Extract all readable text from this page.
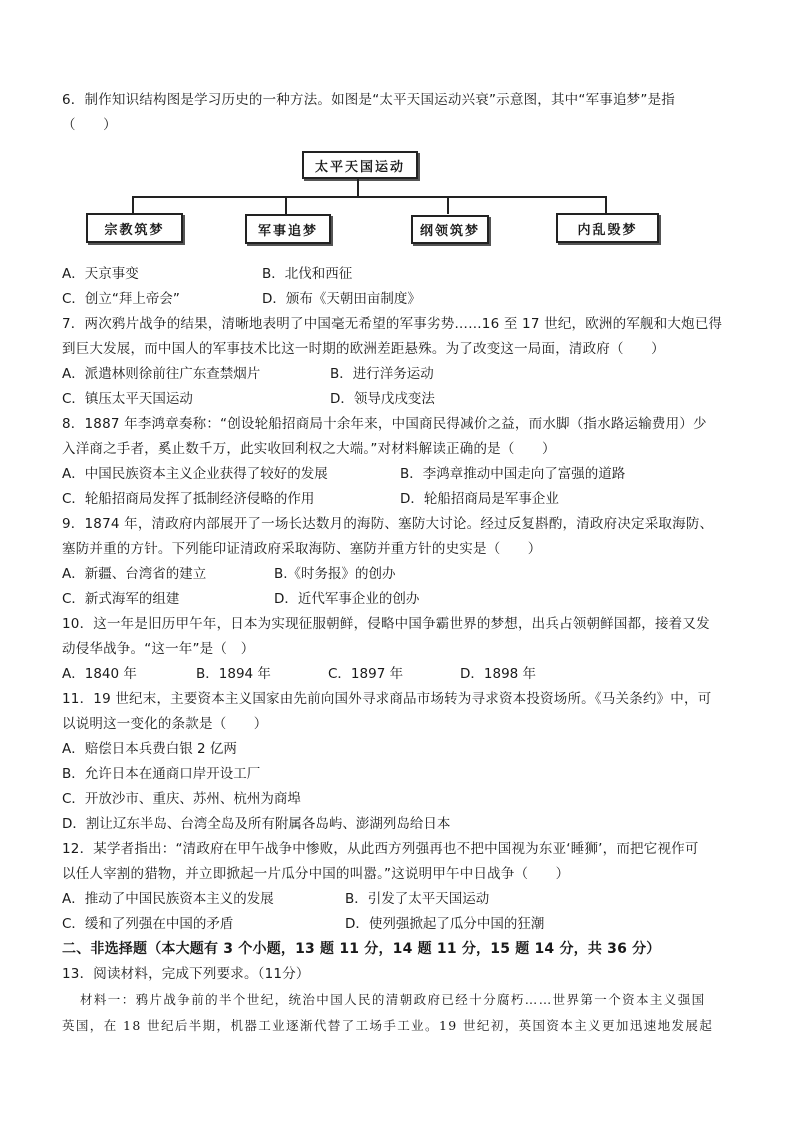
6．制作知识结构图是学习历史的一种方法。如图是“太平天国运动兴衰”示意图，其中“军事追梦”是指
（　　）
太平天国运动
宗教筑梦	军事追梦	纲领筑梦	内乱毁梦
A．天京事变	B．北伐和西征
C．创立“拜上帝会”	D．颁布《天朝田亩制度》
7．两次鸦片战争的结果，清晰地表明了中国毫无希望的军事劣势……16 至 17 世纪，欧洲的军舰和大炮已得
到巨大发展，而中国人的军事技术比这一时期的欧洲差距悬殊。为了改变这一局面，清政府（　　）
A．派遣林则徐前往广东查禁烟片	B．进行洋务运动
C．镇压太平天国运动	D．领导戊戌变法
8．1887 年李鸿章奏称：“创设轮船招商局十余年来，中国商民得减价之益，而水脚（指水路运输费用）少
入洋商之手者，奚止数千万，此实收回利权之大端。”对材料解读正确的是（　　）
A．中国民族资本主义企业获得了较好的发展	B．李鸿章推动中国走向了富强的道路
C．轮船招商局发挥了抵制经济侵略的作用	D．轮船招商局是军事企业
9．1874 年，清政府内部展开了一场长达数月的海防、塞防大讨论。经过反复斟酌，清政府决定采取海防、
塞防并重的方针。下列能印证清政府采取海防、塞防并重方针的史实是（　　）
A．新疆、台湾省的建立	B.《时务报》的创办
C．新式海军的组建	D．近代军事企业的创办
10．这一年是旧历甲午年，日本为实现征服朝鲜，侵略中国争霸世界的梦想，出兵占领朝鲜国都，接着又发
动侵华战争。“这一年”是（　）
A．1840 年	B．1894 年	C．1897 年	D．1898 年
11．19 世纪末，主要资本主义国家由先前向国外寻求商品市场转为寻求资本投资场所。《马关条约》中，可
以说明这一变化的条款是（　　）
A．赔偿日本兵费白银 2 亿两
B．允许日本在通商口岸开设工厂
C．开放沙市、重庆、苏州、杭州为商埠
D．割让辽东半岛、台湾全岛及所有附属各岛屿、澎湖列岛给日本
12．某学者指出：“清政府在甲午战争中惨败，从此西方列强再也不把中国视为东亚‘睡狮’，而把它视作可
以任人宰割的猎物，并立即掀起一片瓜分中国的叫嚣。”这说明甲午中日战争（　　）
A．推动了中国民族资本主义的发展	B．引发了太平天国运动
C．缓和了列强在中国的矛盾	D．使列强掀起了瓜分中国的狂潮
二、非选择题（本大题有 3 个小题，13 题 11 分，14 题 11 分，15 题 14 分，共 36 分）
13．阅读材料，完成下列要求。（11分）
材料一：鸦片战争前的半个世纪，统治中国人民的清朝政府已经十分腐朽……世界第一个资本主义强国
英国，在 18 世纪后半期，机器工业逐渐代替了工场手工业。19 世纪初，英国资本主义更加迅速地发展起
